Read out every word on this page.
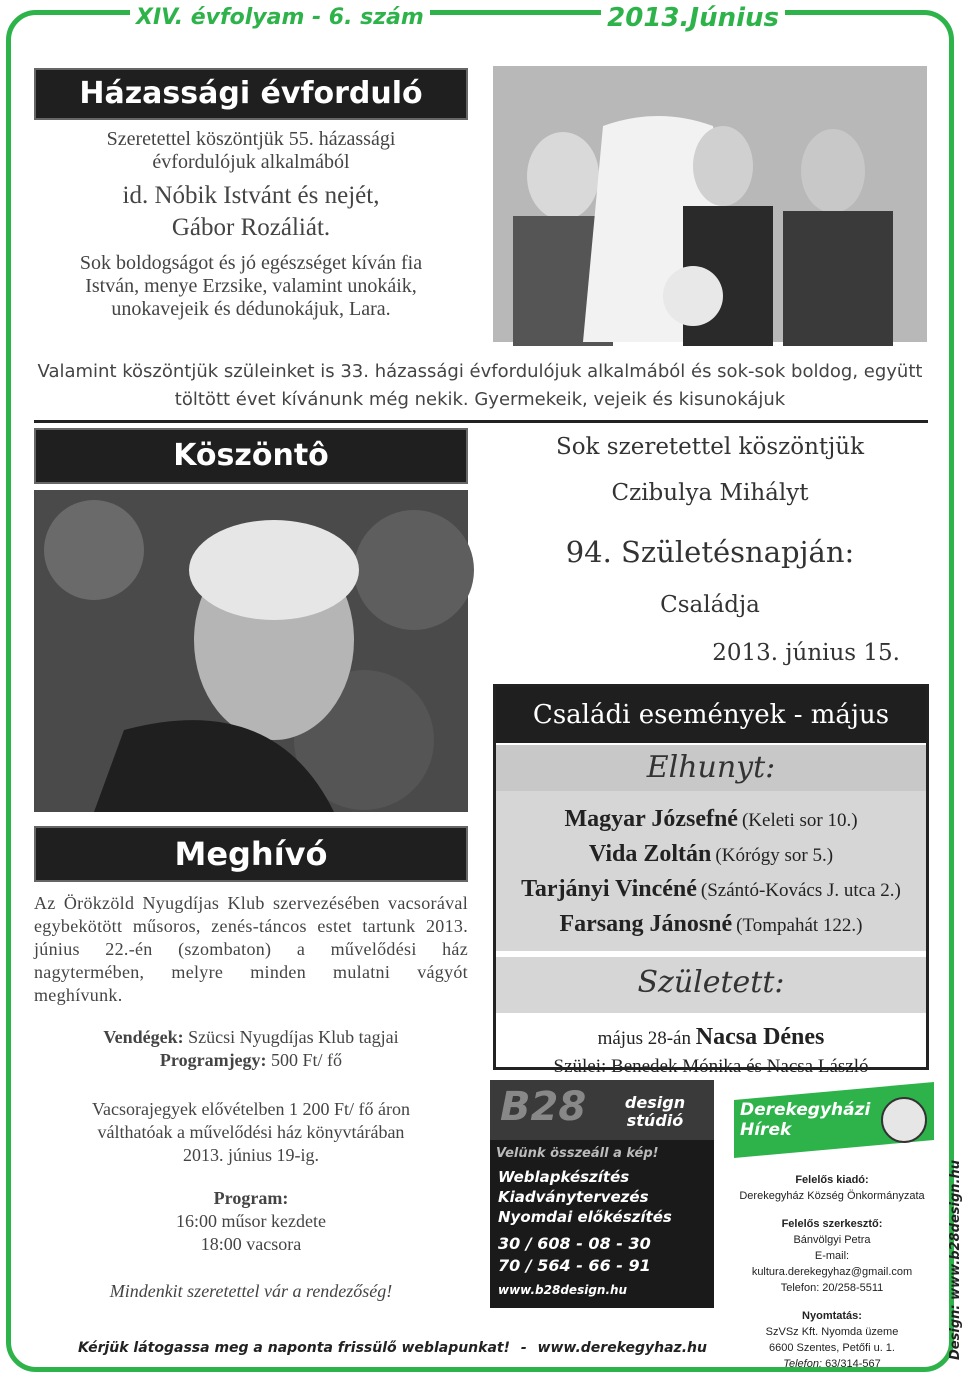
XIV. évfolyam - 6. szám	2013.Június
Házassági évforduló
Szeretettel köszöntjük 55. házassági
évfordulójuk alkalmából
id. Nóbik Istvánt és nejét,
Gábor Rozáliát.
Sok boldogságot és jó egészséget kíván fia
István, menye Erzsike, valamint unokáik,
unokavejeik és dédunokájuk, Lara.
Valamint köszöntjük szüleinket is 33. házassági évfordulójuk alkalmából és sok-sok boldog, együtt
töltött évet kívánunk még nekik. Gyermekeik, vejeik és kisunokájuk
Köszöntô	Sok szeretettel köszöntjük
Czibulya Mihályt
94. Születésnapján:
Családja
2013. június 15.
Meghívó
Az Örökzöld Nyugdíjas Klub szervezésében vacsorával egybekötött műsoros, zenés-táncos estet tartunk 2013. június 22.-én (szombaton) a művelődési ház nagytermében, melyre minden mulatni vágyót meghívunk.
Vendégek: Szücsi Nyugdíjas Klub tagjai
Programjegy: 500 Ft/ fő
Vacsorajegyek elővételben 1 200 Ft/ fő áron
válthatóak a művelődési ház könyvtárában
2013. június 19-ig.
Program:
16:00 műsor kezdete
18:00 vacsora
Mindenkit szeretettel vár a rendezőség!
Családi események - május
Elhunyt:
Magyar Józsefné (Keleti sor 10.)
Vida Zoltán (Kórógy sor 5.)
Tarjányi Vincéné (Szántó-Kovács J. utca 2.)
Farsang Jánosné (Tompahát 122.)
Született:
május 28-án Nacsa Dénes
Szülei: Benedek Mónika és Nacsa László
B28	design stúdió
Velünk összeáll a kép!
Weblapkészítés
Kiadványtervezés
Nyomdai előkészítés
30 / 608 - 08 - 30
70 / 564 - 66 - 91
www.b28design.hu
Derekegyházi Hírek
Felelős kiadó:
Derekegyház Község Önkormányzata
Felelős szerkesztő:
Bánvölgyi Petra
E-mail: kultura.derekegyhaz@gmail.com
Telefon: 20/258-5511
Nyomtatás:
SzVSz Kft. Nyomda üzeme
6600 Szentes, Petőfi u. 1.
Telefon: 63/314-567
Design: www.b28design.hu
Kérjük látogassa meg a naponta frissülő weblapunkat! - www.derekegyhaz.hu
